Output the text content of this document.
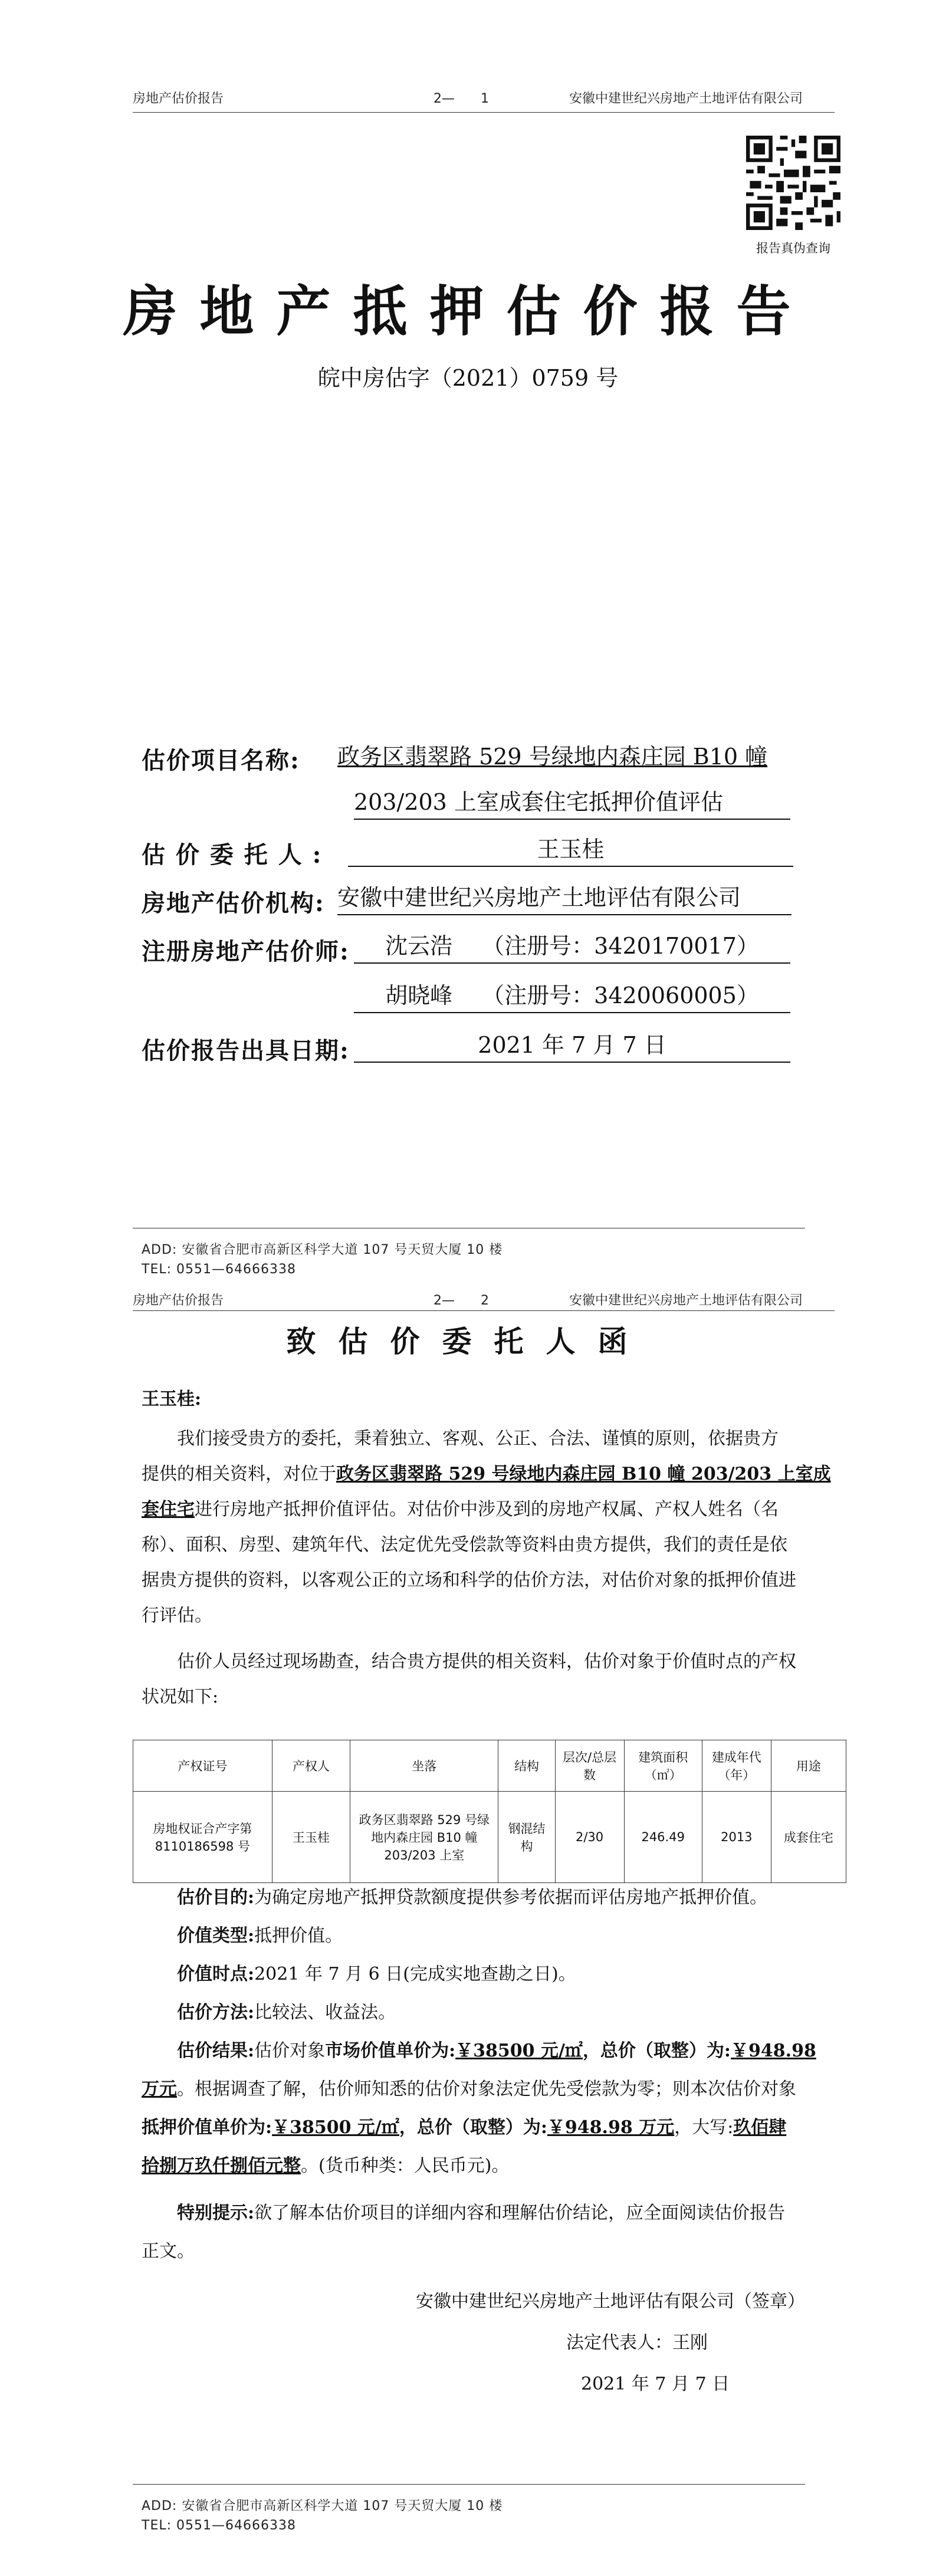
房地产估价报告	2—　　1	安徽中建世纪兴房地产土地评估有限公司
报告真伪查询
房地产抵押估价报告
皖中房估字（2021）0759 号
估价项目名称: 政务区翡翠路 529 号绿地内森庄园 B10 幢
203/203 上室成套住宅抵押价值评估
估 价 委 托 人 :	王玉桂
房地产估价机构: 安徽中建世纪兴房地产土地评估有限公司
注册房地产估价师:	沈云浩　 （注册号：3420170017）
胡晓峰　 （注册号：3420060005）
估价报告出具日期:	2021 年 7 月 7 日
ADD: 安徽省合肥市高新区科学大道 107 号天贸大厦 10 楼
TEL: 0551—64666338
房地产估价报告	2—　　2	安徽中建世纪兴房地产土地评估有限公司
致估价委托人函
王玉桂:
我们接受贵方的委托，秉着独立、客观、公正、合法、谨慎的原则，依据贵方
提供的相关资料，对位于政务区翡翠路 529 号绿地内森庄园 B10 幢 203/203 上室成
套住宅进行房地产抵押价值评估。对估价中涉及到的房地产权属、产权人姓名（名
称）、面积、房型、建筑年代、法定优先受偿款等资料由贵方提供，我们的责任是依
据贵方提供的资料，以客观公正的立场和科学的估价方法，对估价对象的抵押价值进
行评估。
估价人员经过现场勘查，结合贵方提供的相关资料，估价对象于价值时点的产权
状况如下:
产权证号	产权人	坐落	结构	层次/总层数	建筑面积（㎡）	建成年代（年）	用途
房地权证合产字第 8110186598 号	王玉桂	政务区翡翠路 529 号绿地内森庄园 B10 幢 203/203 上室	钢混结构	2/30	246.49	2013	成套住宅
估价目的:为确定房地产抵押贷款额度提供参考依据而评估房地产抵押价值。
价值类型:抵押价值。
价值时点:2021 年 7 月 6 日(完成实地查勘之日)。
估价方法:比较法、收益法。
估价结果:估价对象市场价值单价为:￥38500 元/㎡，总价（取整）为:￥948.98
万元。根据调查了解，估价师知悉的估价对象法定优先受偿款为零；则本次估价对象
抵押价值单价为:￥38500 元/㎡，总价（取整）为:￥948.98 万元，大写:玖佰肆
拾捌万玖仟捌佰元整。(货币种类：人民币元)。
特别提示:欲了解本估价项目的详细内容和理解估价结论，应全面阅读估价报告
正文。
安徽中建世纪兴房地产土地评估有限公司（签章）
法定代表人：王刚
2021 年 7 月 7 日
ADD: 安徽省合肥市高新区科学大道 107 号天贸大厦 10 楼
TEL: 0551—64666338
